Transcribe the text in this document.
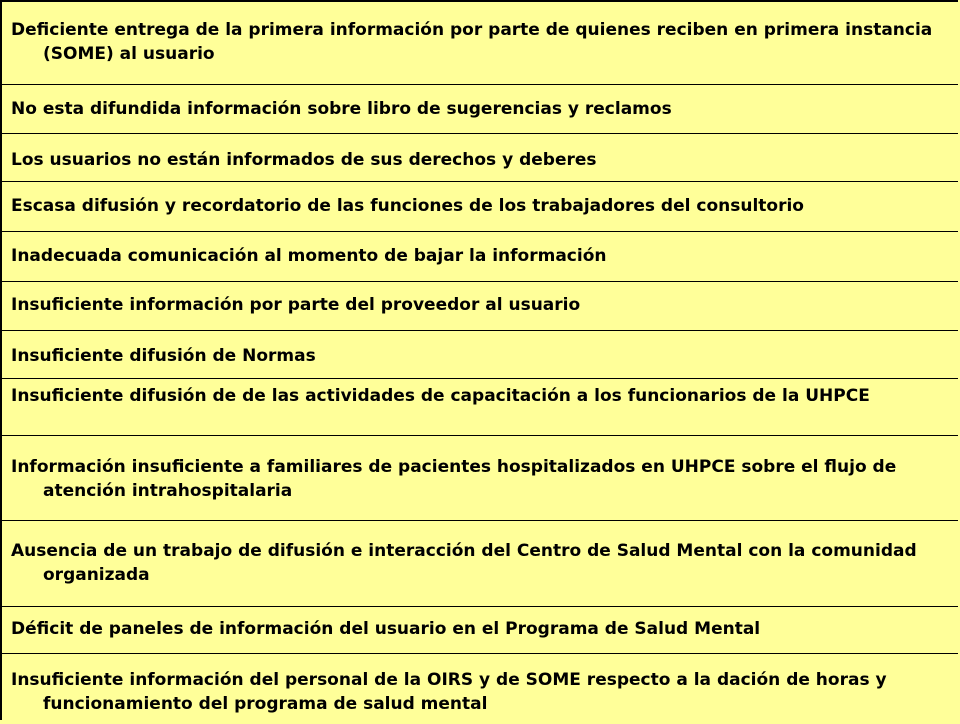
Deficiente entrega de la primera información por parte de quienes reciben en primera instancia (SOME) al usuario
No esta difundida información sobre libro de sugerencias y reclamos
Los usuarios no están informados de sus derechos y deberes
Escasa difusión y recordatorio de las funciones de los trabajadores del consultorio
Inadecuada comunicación al momento de bajar la información
Insuficiente información por parte del proveedor al usuario
Insuficiente difusión de Normas
Insuficiente difusión de de las actividades de capacitación a los funcionarios de la UHPCE
Información insuficiente a familiares de pacientes hospitalizados en UHPCE sobre el flujo de atención intrahospitalaria
Ausencia de un trabajo de difusión e interacción del Centro de Salud Mental con la comunidad organizada
Déficit de paneles de información del usuario en el Programa de Salud Mental
Insuficiente información del personal de la OIRS y de SOME respecto a la dación de horas y funcionamiento del programa de salud mental
